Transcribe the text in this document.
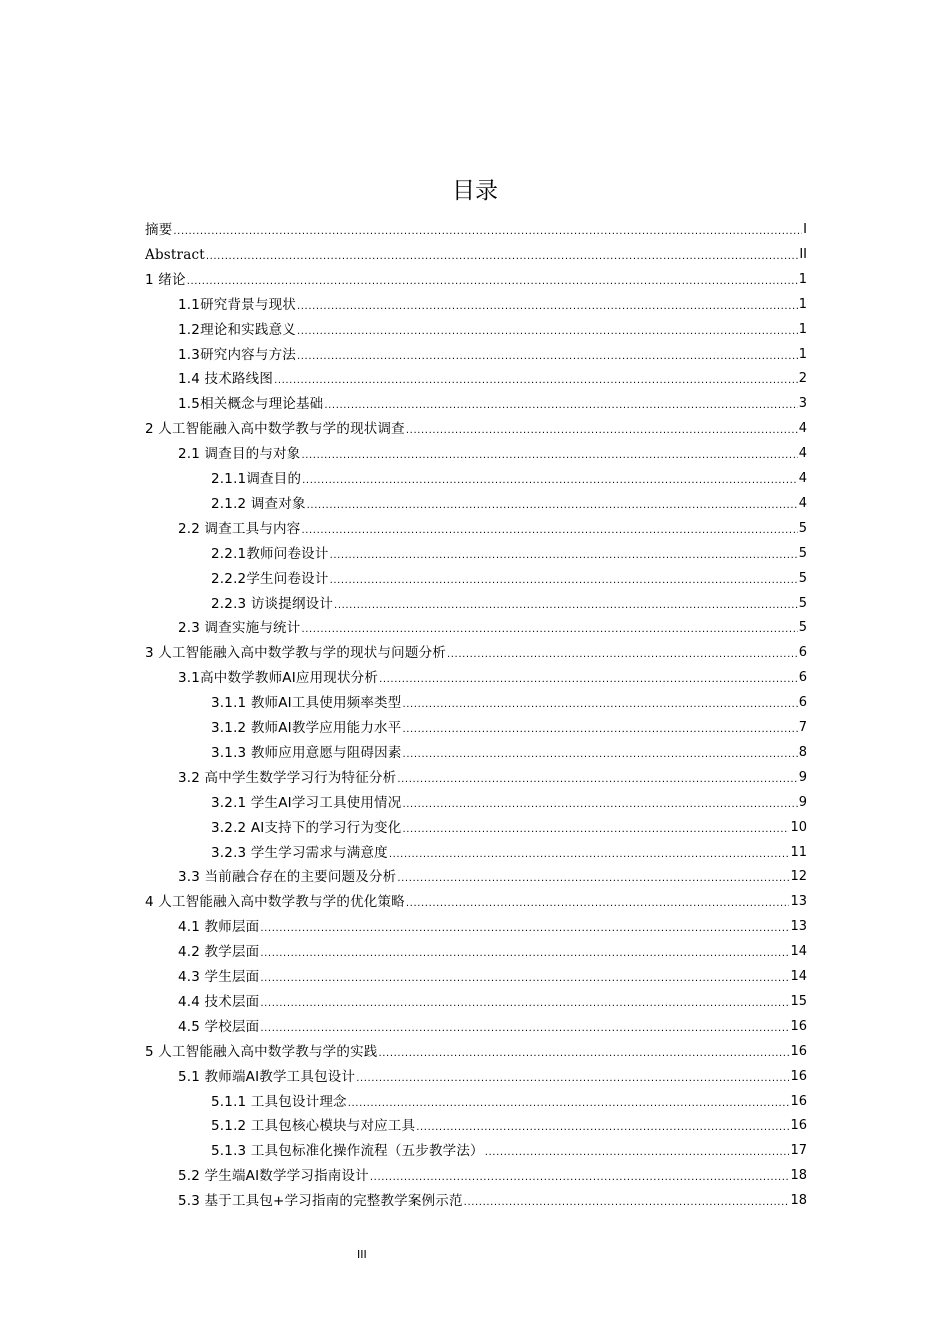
目录
摘要 .....	I
Abstract .....	II
1 绪论 .....	1
1.1研究背景与现状 .....	1
1.2理论和实践意义 .....	1
1.3研究内容与方法 .....	1
1.4 技术路线图 .....	2
1.5相关概念与理论基础 .....	3
2 人工智能融入高中数学教与学的现状调查 .....	4
2.1 调查目的与对象 .....	4
2.1.1调查目的 .....	4
2.1.2 调查对象 .....	4
2.2 调查工具与内容 .....	5
2.2.1教师问卷设计 .....	5
2.2.2学生问卷设计 .....	5
2.2.3 访谈提纲设计 .....	5
2.3 调查实施与统计 .....	5
3 人工智能融入高中数学教与学的现状与问题分析 .....	6
3.1高中数学教师AI应用现状分析 .....	6
3.1.1 教师AI工具使用频率类型 .....	6
3.1.2 教师AI教学应用能力水平 .....	7
3.1.3 教师应用意愿与阻碍因素 .....	8
3.2 高中学生数学学习行为特征分析 .....	9
3.2.1 学生AI学习工具使用情况 .....	9
3.2.2 AI支持下的学习行为变化 .....	10
3.2.3 学生学习需求与满意度 .....	11
3.3 当前融合存在的主要问题及分析 .....	12
4 人工智能融入高中数学教与学的优化策略 .....	13
4.1 教师层面 .....	13
4.2 教学层面 .....	14
4.3 学生层面 .....	14
4.4 技术层面 .....	15
4.5 学校层面 .....	16
5 人工智能融入高中数学教与学的实践 .....	16
5.1 教师端AI教学工具包设计 .....	16
5.1.1 工具包设计理念 .....	16
5.1.2 工具包核心模块与对应工具 .....	16
5.1.3 工具包标准化操作流程（五步教学法） .....	17
5.2 学生端AI数学学习指南设计 .....	18
5.3 基于工具包+学习指南的完整教学案例示范 .....	18
III
